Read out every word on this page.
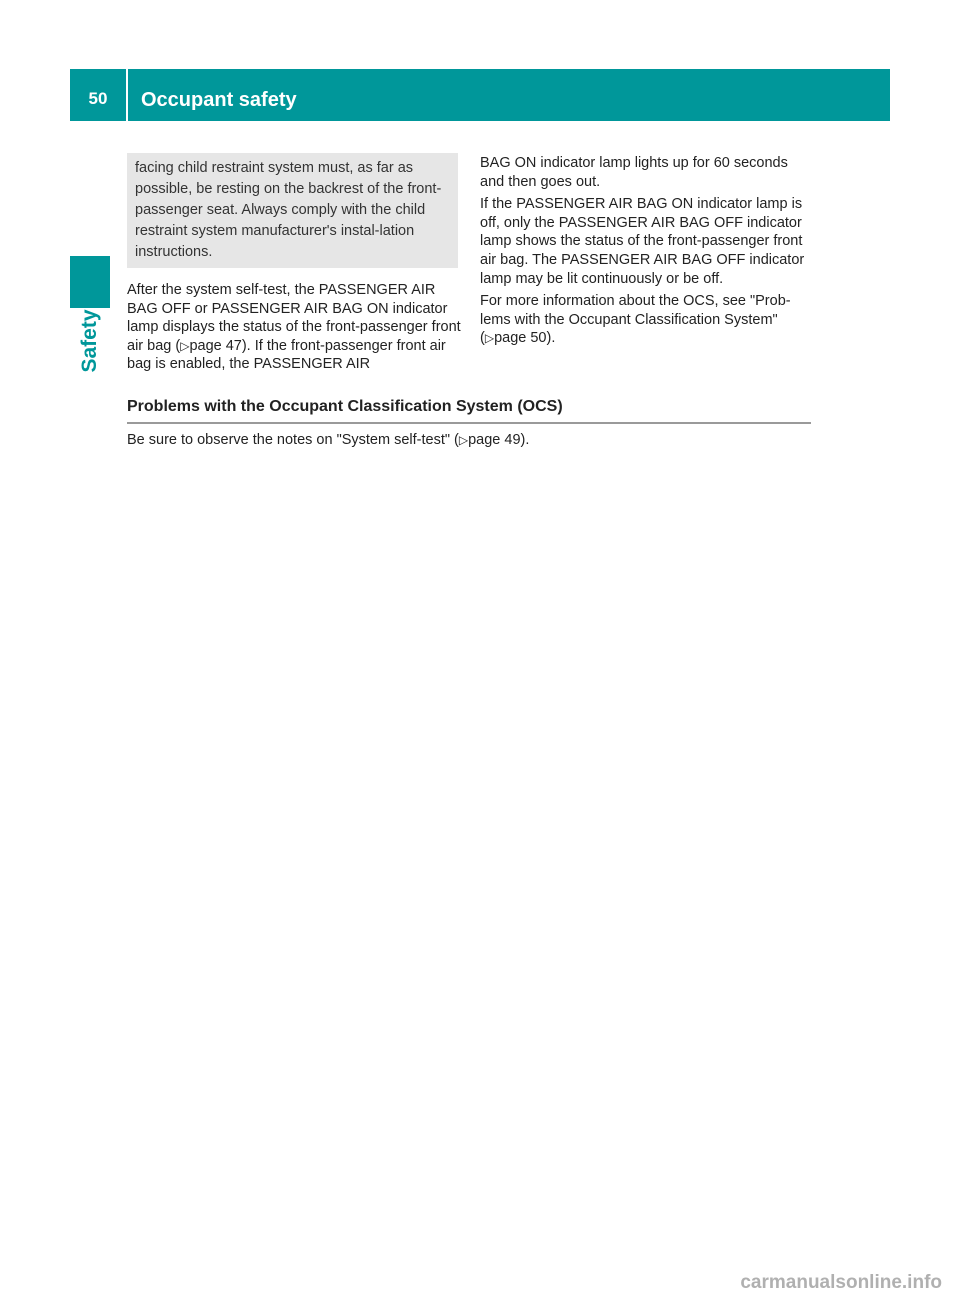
50	Occupant safety
Safety
facing child restraint system must, as far as possible, be resting on the backrest of the front-passenger seat. Always comply with the child restraint system manufacturer's instal-lation instructions.

After the system self-test, the PASSENGER AIR BAG OFF or PASSENGER AIR BAG ON indicator lamp displays the status of the front-passenger front air bag (▷page 47). If the front-passenger front air bag is enabled, the PASSENGER AIR

BAG ON indicator lamp lights up for 60 seconds and then goes out.

If the PASSENGER AIR BAG ON indicator lamp is off, only the PASSENGER AIR BAG OFF indicator lamp shows the status of the front-passenger front air bag. The PASSENGER AIR BAG OFF indicator lamp may be lit continuously or be off.

For more information about the OCS, see "Prob-lems with the Occupant Classification System" (▷page 50).

Problems with the Occupant Classification System (OCS)
Be sure to observe the notes on "System self-test" (▷page 49).
carmanualsonline.info
